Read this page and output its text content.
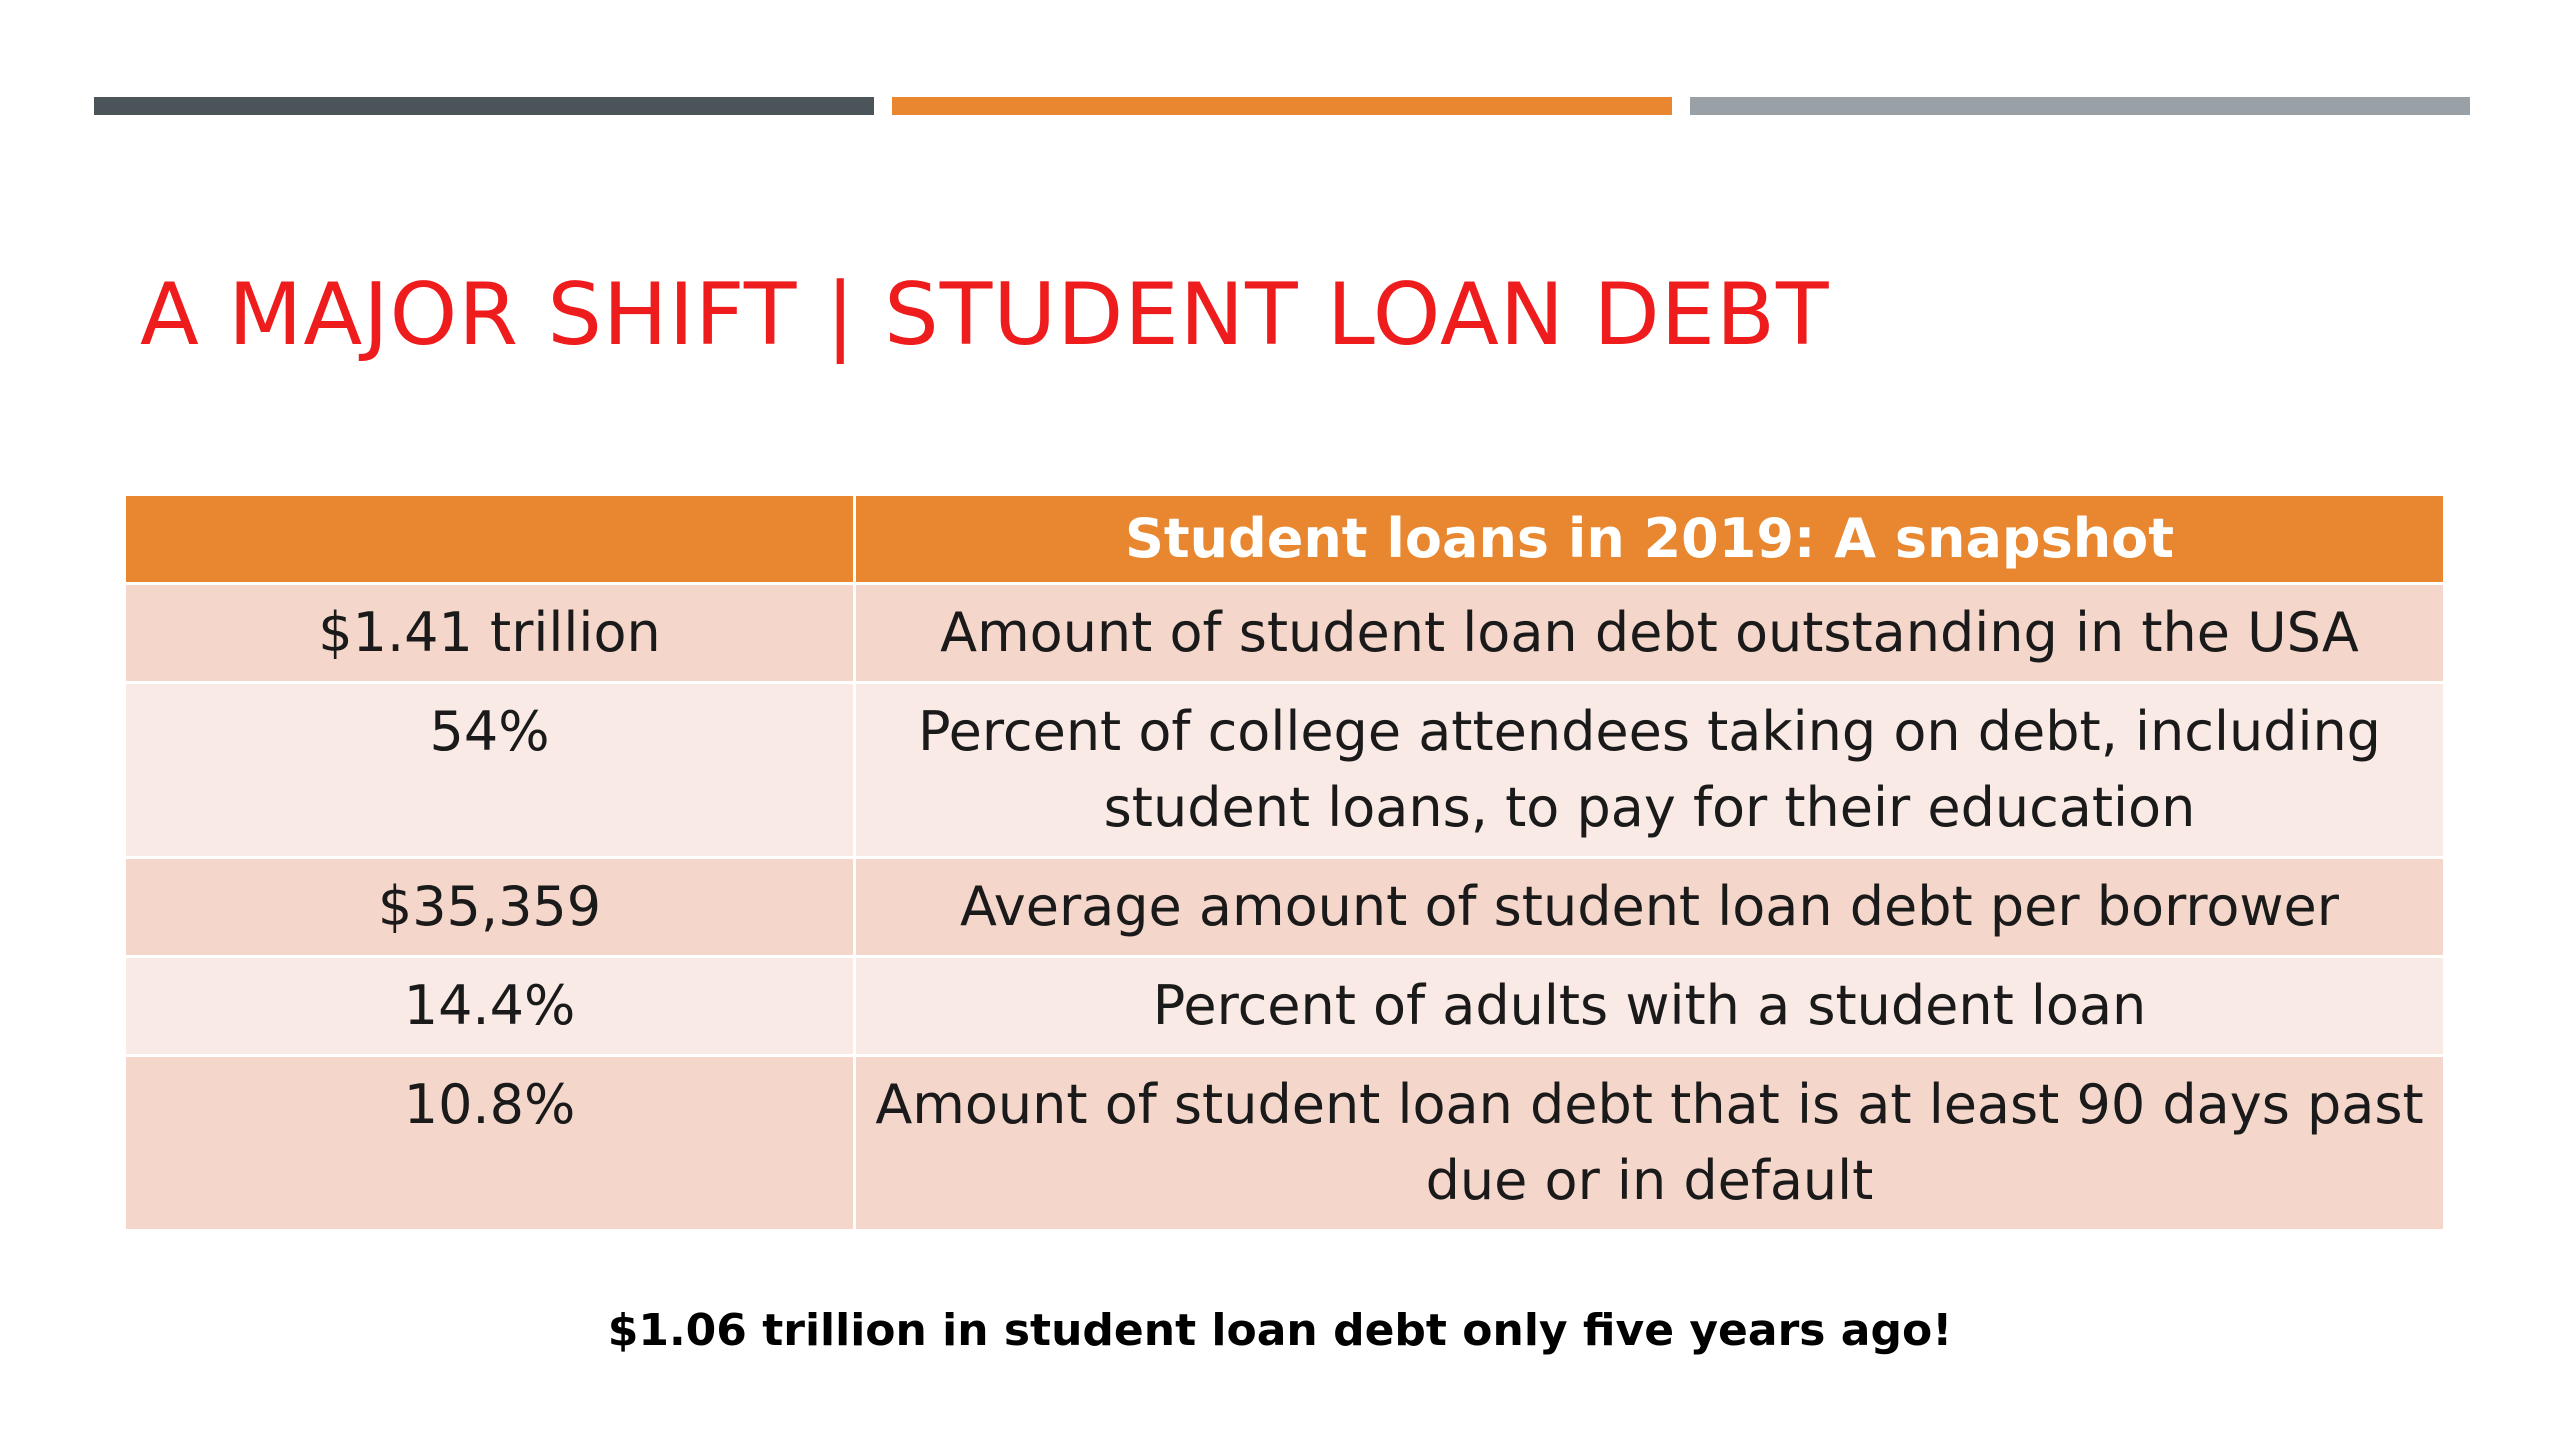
A MAJOR SHIFT | STUDENT LOAN DEBT
	Student loans in 2019: A snapshot
$1.41 trillion	Amount of student loan debt outstanding in the USA
54%	Percent of college attendees taking on debt, including student loans, to pay for their education
$35,359	Average amount of student loan debt per borrower
14.4%	Percent of adults with a student loan
10.8%	Amount of student loan debt that is at least 90 days past due or in default

$1.06 trillion in student loan debt only five years ago!
